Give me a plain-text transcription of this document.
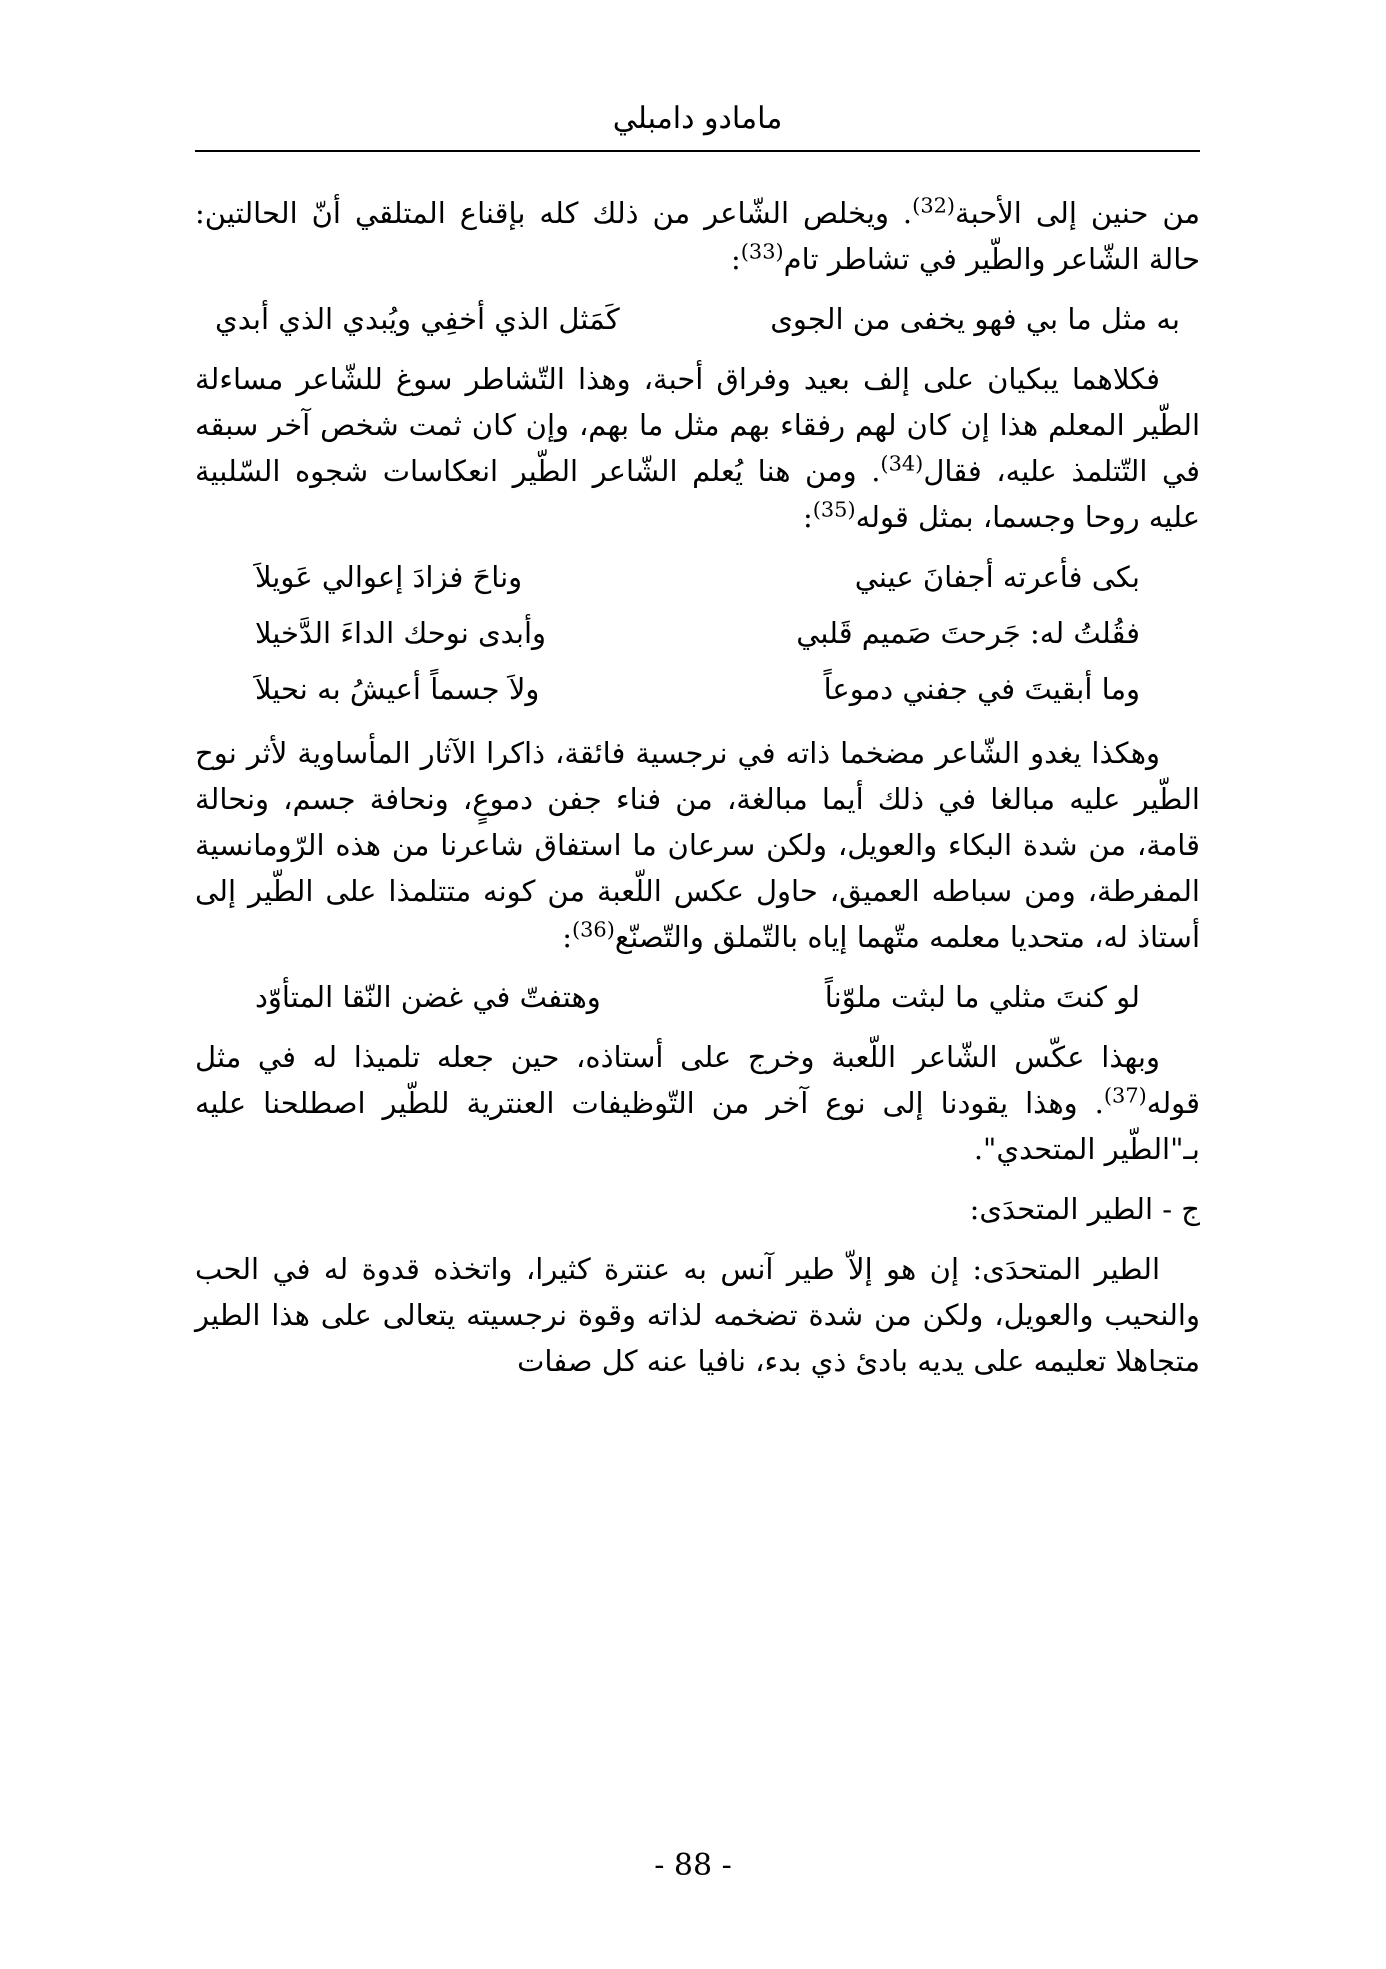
مامادو دامبلي

من حنين إلى الأحبة$^{(32)}$. ويخلص الشّاعر من ذلك كله بإقناع المتلقي أنّ الحالتين: حالة الشّاعر والطّير في تشاطر تام$^{(33)}$:

به مثل ما بي فهو يخفى من الجوى
كَمَثل الذي أخفِي ويُبدي الذي أبدي

فكلاهما يبكيان على إلف بعيد وفراق أحبة، وهذا التّشاطر سوغ للشّاعر مساءلة الطّير المعلم هذا إن كان لهم رفقاء بهم مثل ما بهم، وإن كان ثمت شخص آخر سبقه في التّتلمذ عليه، فقال$^{(34)}$. ومن هنا يُعلم الشّاعر الطّير انعكاسات شجوه السّلبية عليه روحا وجسما، بمثل قوله$^{(35)}$:

بكى فأعرته أجفانَ عيني
وناحَ فزادَ إعوالي عَويلاَ
فقُلتُ له: جَرحتَ صَميم قَلبي
وأبدى نوحك الداءَ الدَّخيلا
وما أبقيتَ في جفني دموعاً
ولاَ جسماً أعيشُ به نحيلاَ

وهكذا يغدو الشّاعر مضخما ذاته في نرجسية فائقة، ذاكرا الآثار المأساوية لأثر نوح الطّير عليه مبالغا في ذلك أيما مبالغة، من فناء جفن دموعٍ، ونحافة جسم، ونحالة قامة، من شدة البكاء والعويل، ولكن سرعان ما استفاق شاعرنا من هذه الرّومانسية المفرطة، ومن سباطه العميق، حاول عكس اللّعبة من كونه متتلمذا على الطّير إلى أستاذ له، متحديا معلمه متّهما إياه بالتّملق والتّصنّع$^{(36)}$:

لو كنتَ مثلي ما لبثت ملوّناً
وهتفتّ في غضن النّقا المتأوّد

وبهذا عكّس الشّاعر اللّعبة وخرج على أستاذه، حين جعله تلميذا له في مثل قوله$^{(37)}$. وهذا يقودنا إلى نوع آخر من التّوظيفات العنترية للطّير اصطلحنا عليه بـ"الطّير المتحدي".

ج - الطير المتحدَى:

الطير المتحدَى: إن هو إلاّ طير آنس به عنترة كثيرا، واتخذه قدوة له في الحب والنحيب والعويل، ولكن من شدة تضخمه لذاته وقوة نرجسيته يتعالى على هذا الطير متجاهلا تعليمه على يديه بادئ ذي بدء، نافيا عنه كل صفات

- 88 -
